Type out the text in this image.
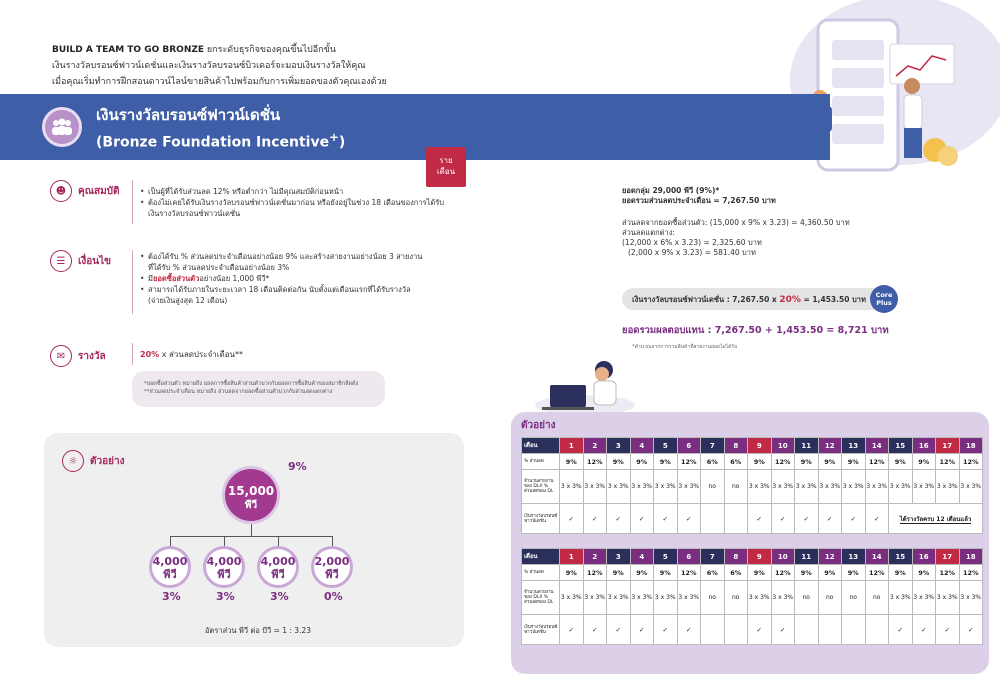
BUILD A TEAM TO GO BRONZE ยกระดับธุรกิจของคุณขึ้นไปอีกขั้น
เงินรางวัลบรอนซ์ฟาวน์เดชั่นและเงินรางวัลบรอนซ์บิวเดอร์จะมอบเงินรางวัลให้คุณ
เมื่อคุณเริ่มทำการฝึกสอนดาวน์ไลน์ขายสินค้าไปพร้อมกับการเพิ่มยอดของตัวคุณเองด้วย
เงินรางวัลบรอนซ์ฟาวน์เดชั่น
(Bronze Foundation Incentive+)
ราย
เดือน
☻	คุณสมบัติ	• เป็นผู้ที่ได้รับส่วนลด 12% หรือต่ำกว่า ไม่มีคุณสมบัติก่อนหน้า
• ต้องไม่เคยได้รับเงินรางวัลบรอนซ์ฟาวน์เดชั่นมาก่อน หรือยังอยู่ในช่วง 18 เดือนของการได้รับ
เงินรางวัลบรอนซ์ฟาวน์เดชั่น
☰	เงื่อนไข	• ต้องได้รับ % ส่วนลดประจำเดือนอย่างน้อย 9% และสร้างสายงานอย่างน้อย 3 สายงาน
ที่ได้รับ % ส่วนลดประจำเดือนอย่างน้อย 3%
• มียอดซื้อส่วนตัวอย่างน้อย 1,000 พีวี*
• สามารถได้รับภายในระยะเวลา 18 เดือนติดต่อกัน นับตั้งแต่เดือนแรกที่ได้รับรางวัล
(จ่ายเงินสูงสุด 12 เดือน)
✉	รางวัล	20% x ส่วนลดประจำเดือน**
*ยอดซื้อส่วนตัว หมายถึง ยอดการซื้อสินค้าส่วนตัวบวกกับยอดการซื้อสินค้าของสมาชิกลีดดัง
**ส่วนลดประจำเดือน หมายถึง ส่วนลดจากยอดซื้อส่วนตัวบวกกับส่วนลดแตกต่าง
☼	ตัวอย่าง
15,000
พีวี
9%
4,000
พีวี
4,000
พีวี
4,000
พีวี
2,000
พีวี
3%	3%	3%	0%
อัตราส่วน พีวี ต่อ บีวี = 1 : 3.23
ยอดกลุ่ม 29,000 พีวี (9%)*
ยอดรวมส่วนลดประจำเดือน = 7,267.50 บาท
ส่วนลดจากยอดซื้อส่วนตัว: (15,000 x 9% x 3.23) = 4,360.50 บาท
ส่วนลดแตกต่าง:
(12,000 x 6% x 3.23) = 2,325.60 บาท
(2,000 x 9% x 3.23) = 581.40 บาท
เงินรางวัลบรอนซ์ฟาวน์เดชั่น : 7,267.50 x 20% = 1,453.50 บาท	Core
Plus
ยอดรวมผลตอบแทน : 7,267.50 + 1,453.50 = 8,721 บาท
*คำนวณจากการรวมสินค้าที่สายงานย่อยไม่ได้รับ
ตัวอย่าง
เดือน	1	2	3	4	5	6	7	8	9	10	11	12	13	14	15	16	17	18
% ส่วนลด	9%	12%	9%	9%	9%	12%	6%	6%	9%	12%	9%	9%	9%	12%	9%	9%	12%	12%
จำนวนสายงานของ DLX % ส่วนลดของ DL	3 x 3%	3 x 3%	3 x 3%	3 x 3%	3 x 3%	3 x 3%	no	no	3 x 3%	3 x 3%	3 x 3%	3 x 3%	3 x 3%	3 x 3%	3 x 3%	3 x 3%	3 x 3%	3 x 3%
เงินรางวัลบรอนซ์ฟาวน์เดชั่น	✓	✓	✓	✓	✓	✓			✓	✓	✓	✓	✓	✓	ได้รางวัลครบ 12 เดือนแล้ว			
เดือน	1	2	3	4	5	6	7	8	9	10	11	12	13	14	15	16	17	18
% ส่วนลด	9%	12%	9%	9%	9%	12%	6%	6%	9%	12%	9%	9%	9%	12%	9%	9%	12%	12%
จำนวนสายงานของ DLX % ส่วนลดของ DL	3 x 3%	3 x 3%	3 x 3%	3 x 3%	3 x 3%	3 x 3%	no	no	3 x 3%	3 x 3%	no	no	no	no	3 x 3%	3 x 3%	3 x 3%	3 x 3%
เงินรางวัลบรอนซ์ฟาวน์เดชั่น	✓	✓	✓	✓	✓	✓			✓	✓					✓	✓	✓	✓
